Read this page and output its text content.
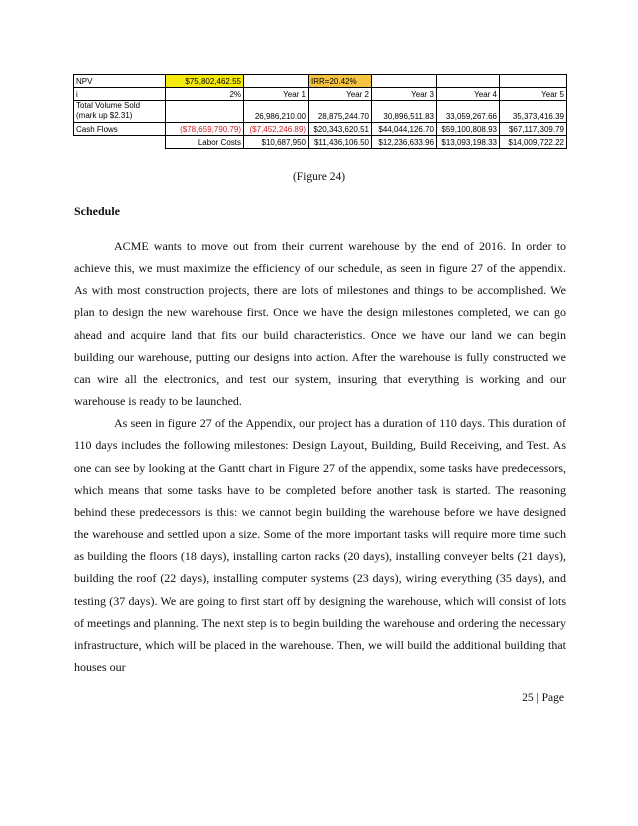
NPV	$75,802,462.55		IRR=20.42%			
i	2%	Year 1	Year 2	Year 3	Year 4	Year 5
Total Volume Sold
(mark up $2.31)		26,986,210.00	28,875,244.70	30,896,511.83	33,059,267.66	35,373,416.39
Cash Flows	($78,659,790.79)	($7,452,246.89)	$20,343,620.51	$44,044,126.70	$59,100,808.93	$67,117,309.79
	Labor Costs	$10,687,950	$11,436,106.50	$12,236,633.96	$13,093,198.33	$14,009,722.22
(Figure 24)
Schedule

ACME wants to move out from their current warehouse by the end of 2016. In order to achieve this, we must maximize the efficiency of our schedule, as seen in figure 27 of the appendix. As with most construction projects, there are lots of milestones and things to be accomplished. We plan to design the new warehouse first. Once we have the design milestones completed, we can go ahead and acquire land that fits our build characteristics. Once we have our land we can begin building our warehouse, putting our designs into action. After the warehouse is fully constructed we can wire all the electronics, and test our system, insuring that everything is working and our warehouse is ready to be launched.

As seen in figure 27 of the Appendix, our project has a duration of 110 days. This duration of 110 days includes the following milestones: Design Layout, Building, Build Receiving, and Test. As one can see by looking at the Gantt chart in Figure 27 of the appendix, some tasks have predecessors, which means that some tasks have to be completed before another task is started. The reasoning behind these predecessors is this: we cannot begin building the warehouse before we have designed the warehouse and settled upon a size. Some of the more important tasks will require more time such as building the floors (18 days), installing carton racks (20 days), installing conveyer belts (21 days), building the roof (22 days), installing computer systems (23 days), wiring everything (35 days), and testing (37 days). We are going to first start off by designing the warehouse, which will consist of lots of meetings and planning. The next step is to begin building the warehouse and ordering the necessary infrastructure, which will be placed in the warehouse. Then, we will build the additional building that houses our

25 | Page
